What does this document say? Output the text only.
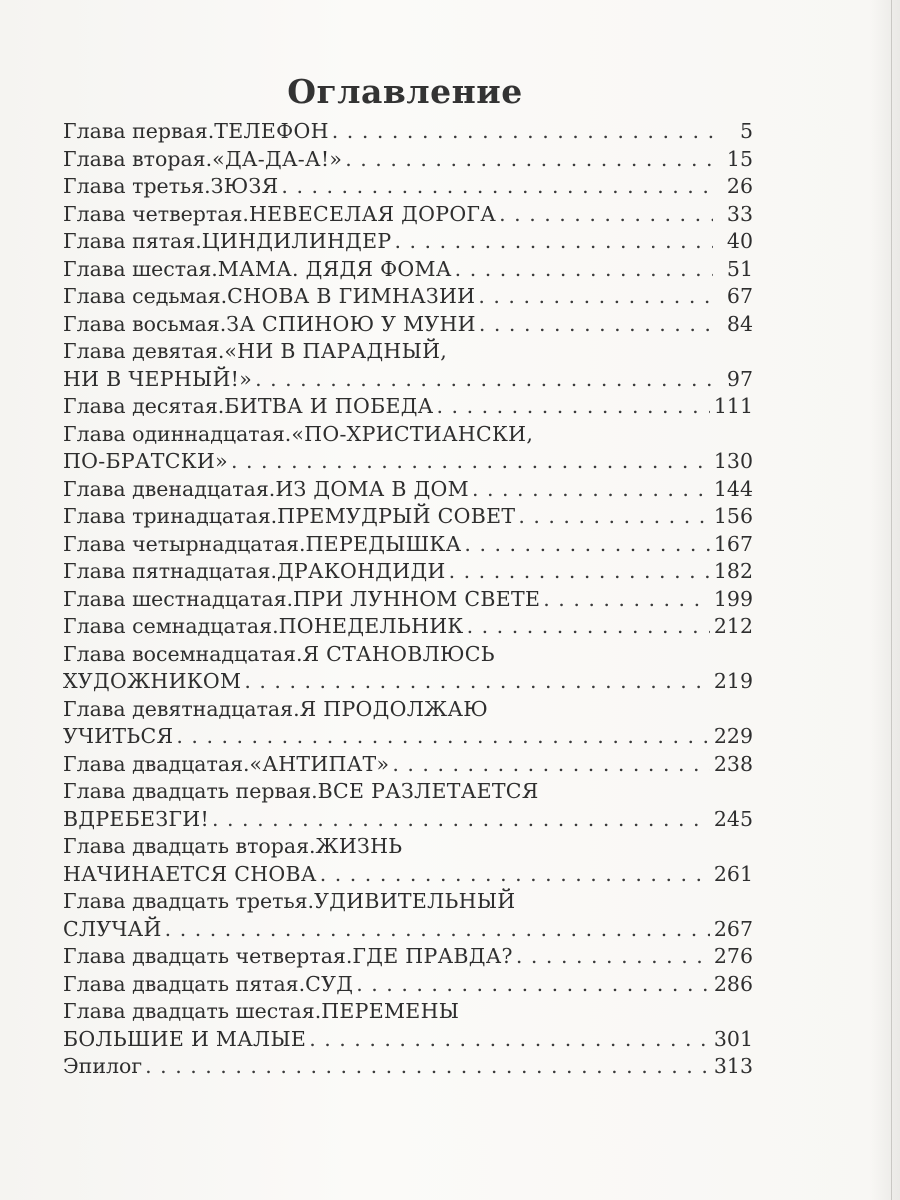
Оглавление
Глава первая. ТЕЛЕФОН . . .	5
Глава вторая. «ДА-ДА-А!» . . .	15
Глава третья. ЗЮЗЯ . . .	26
Глава четвертая. НЕВЕСЕЛАЯ ДОРОГА . . .	33
Глава пятая. ЦИНДИЛИНДЕР . . .	40
Глава шестая. МАМА. ДЯДЯ ФОМА . . .	51
Глава седьмая. СНОВА В ГИМНАЗИИ . . .	67
Глава восьмая. ЗА СПИНОЮ У МУНИ . . .	84
Глава девятая. «НИ В ПАРАДНЫЙ,
НИ В ЧЕРНЫЙ!» . . .	97
Глава десятая. БИТВА И ПОБЕДА . . .	111
Глава одиннадцатая. «ПО-ХРИСТИАНСКИ,
ПО-БРАТСКИ» . . .	130
Глава двенадцатая. ИЗ ДОМА В ДОМ . . .	144
Глава тринадцатая. ПРЕМУДРЫЙ СОВЕТ . . .	156
Глава четырнадцатая. ПЕРЕДЫШКА . . .	167
Глава пятнадцатая. ДРАКОНДИДИ . . .	182
Глава шестнадцатая. ПРИ ЛУННОМ СВЕТЕ . . .	199
Глава семнадцатая. ПОНЕДЕЛЬНИК . . .	212
Глава восемнадцатая. Я СТАНОВЛЮСЬ
ХУДОЖНИКОМ . . .	219
Глава девятнадцатая. Я ПРОДОЛЖАЮ
УЧИТЬСЯ . . .	229
Глава двадцатая. «АНТИПАТ» . . .	238
Глава двадцать первая. ВСЕ РАЗЛЕТАЕТСЯ
ВДРЕБЕЗГИ! . . .	245
Глава двадцать вторая. ЖИЗНЬ
НАЧИНАЕТСЯ СНОВА . . .	261
Глава двадцать третья. УДИВИТЕЛЬНЫЙ
СЛУЧАЙ . . .	267
Глава двадцать четвертая. ГДЕ ПРАВДА? . . .	276
Глава двадцать пятая. СУД . . .	286
Глава двадцать шестая. ПЕРЕМЕНЫ
БОЛЬШИЕ И МАЛЫЕ . . .	301
Эпилог . . .	313
